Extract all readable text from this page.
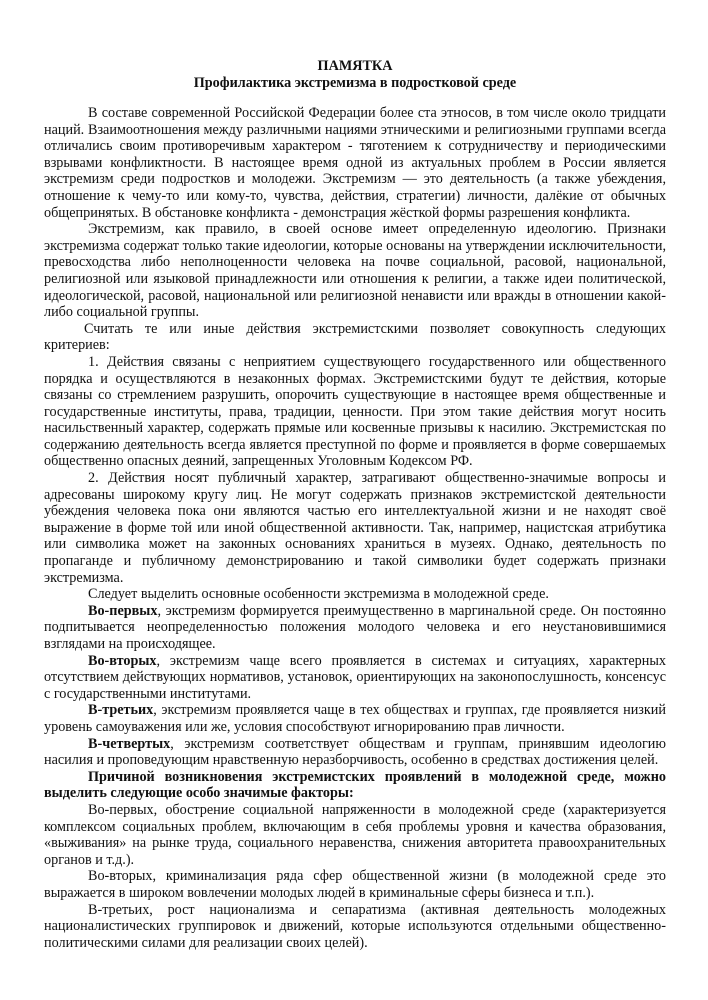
ПАМЯТКА
Профилактика экстремизма в подростковой среде

В составе современной Российской Федерации более ста этносов, в том числе около тридцати наций. Взаимоотношения между различными нациями этническими и религиозными группами всегда отличались своим противоречивым характером - тяготением к сотрудничеству и периодическими взрывами конфликтности. В настоящее время одной из актуальных проблем в России является экстремизм среди подростков и молодежи. Экстремизм — это деятельность (а также убеждения, отношение к чему-то или кому-то, чувства, действия, стратегии) личности, далёкие от обычных общепринятых. В обстановке конфликта - демонстрация жёсткой формы разрешения конфликта.

Экстремизм, как правило, в своей основе имеет определенную идеологию. Признаки экстремизма содержат только такие идеологии, которые основаны на утверждении исключительности, превосходства либо неполноценности человека на почве социальной, расовой, национальной, религиозной или языковой принадлежности или отношения к религии, а также идеи политической, идеологической, расовой, национальной или религиозной ненависти или вражды в отношении какой-либо социальной группы.

Считать те или иные действия экстремистскими позволяет совокупность следующих критериев:

1. Действия связаны с неприятием существующего государственного или общественного порядка и осуществляются в незаконных формах. Экстремистскими будут те действия, которые связаны со стремлением разрушить, опорочить существующие в настоящее время общественные и государственные институты, права, традиции, ценности. При этом такие действия могут носить насильственный характер, содержать прямые или косвенные призывы к насилию. Экстремистская по содержанию деятельность всегда является преступной по форме и проявляется в форме совершаемых общественно опасных деяний, запрещенных Уголовным Кодексом РФ.

2. Действия носят публичный характер, затрагивают общественно-значимые вопросы и адресованы широкому кругу лиц. Не могут содержать признаков экстремистской деятельности убеждения человека пока они являются частью его интеллектуальной жизни и не находят своё выражение в форме той или иной общественной активности. Так, например, нацистская атрибутика или символика может на законных основаниях храниться в музеях. Однако, деятельность по пропаганде и публичному демонстрированию и такой символики будет содержать признаки экстремизма.

Следует выделить основные особенности экстремизма в молодежной среде.

Во-первых, экстремизм формируется преимущественно в маргинальной среде. Он постоянно подпитывается неопределенностью положения молодого человека и его неустановившимися взглядами на происходящее.

Во-вторых, экстремизм чаще всего проявляется в системах и ситуациях, характерных отсутствием действующих нормативов, установок, ориентирующих на законопослушность, консенсус с государственными институтами.

В-третьих, экстремизм проявляется чаще в тех обществах и группах, где проявляется низкий уровень самоуважения или же, условия способствуют игнорированию прав личности.

В-четвертых, экстремизм соответствует обществам и группам, принявшим идеологию насилия и проповедующим нравственную неразборчивость, особенно в средствах достижения целей.

Причиной возникновения экстремистских проявлений в молодежной среде, можно выделить следующие особо значимые факторы:

Во-первых, обострение социальной напряженности в молодежной среде (характеризуется комплексом социальных проблем, включающим в себя проблемы уровня и качества образования, «выживания» на рынке труда, социального неравенства, снижения авторитета правоохранительных органов и т.д.).

Во-вторых, криминализация ряда сфер общественной жизни (в молодежной среде это выражается в широком вовлечении молодых людей в криминальные сферы бизнеса и т.п.).

В-третьих, рост национализма и сепаратизма (активная деятельность молодежных националистических группировок и движений, которые используются отдельными общественно-политическими силами для реализации своих целей).
